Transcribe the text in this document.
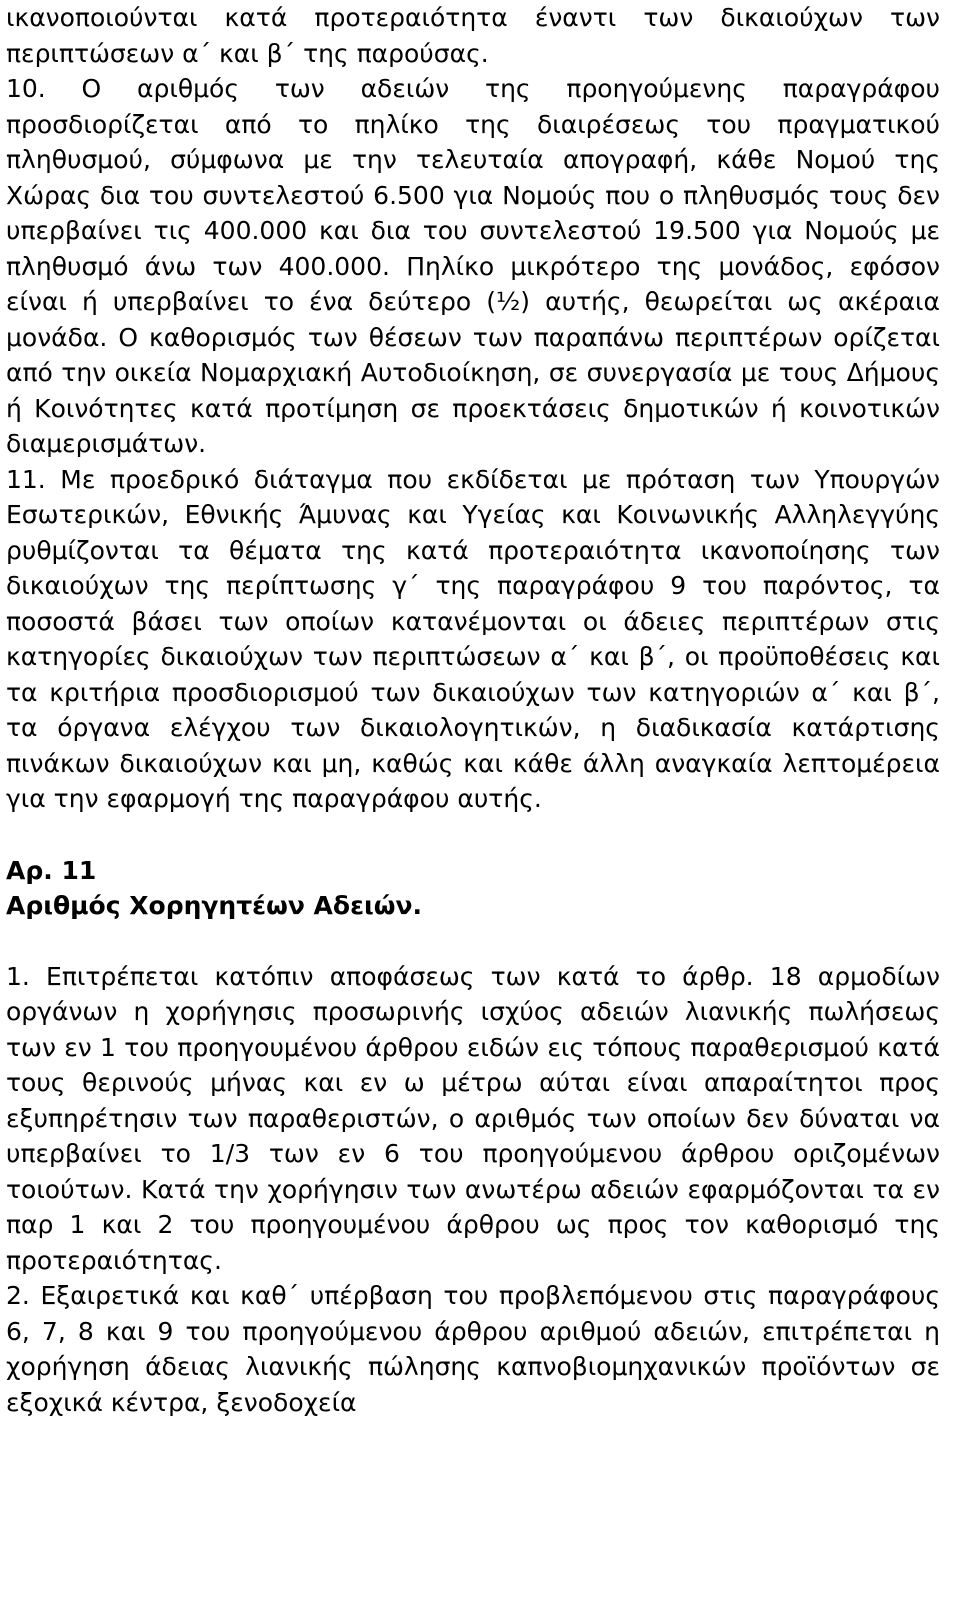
ικανοποιούνται κατά προτεραιότητα έναντι των δικαιούχων των περιπτώσεων α΄ και β΄ της παρούσας.

10. Ο αριθμός των αδειών της προηγούμενης παραγράφου προσδιορίζεται από το πηλίκο της διαιρέσεως του πραγματικού πληθυσμού, σύμφωνα με την τελευταία απογραφή, κάθε Νομού της Χώρας δια του συντελεστού 6.500 για Νομούς που ο πληθυσμός τους δεν υπερβαίνει τις 400.000 και δια του συντελεστού 19.500 για Νομούς με πληθυσμό άνω των 400.000. Πηλίκο μικρότερο της μονάδος, εφόσον είναι ή υπερβαίνει το ένα δεύτερο (½) αυτής, θεωρείται ως ακέραια μονάδα. Ο καθορισμός των θέσεων των παραπάνω περιπτέρων ορίζεται από την οικεία Νομαρχιακή Αυτοδιοίκηση, σε συνεργασία με τους Δήμους ή Κοινότητες κατά προτίμηση σε προεκτάσεις δημοτικών ή κοινοτικών διαμερισμάτων.

11. Με προεδρικό διάταγμα που εκδίδεται με πρόταση των Υπουργών Εσωτερικών, Εθνικής Άμυνας και Υγείας και Κοινωνικής Αλληλεγγύης ρυθμίζονται τα θέματα της κατά προτεραιότητα ικανοποίησης των δικαιούχων της περίπτωσης γ΄ της παραγράφου 9 του παρόντος, τα ποσοστά βάσει των οποίων κατανέμονται οι άδειες περιπτέρων στις κατηγορίες δικαιούχων των περιπτώσεων α΄ και β΄, οι προϋποθέσεις και τα κριτήρια προσδιορισμού των δικαιούχων των κατηγοριών α΄ και β΄, τα όργανα ελέγχου των δικαιολογητικών, η διαδικασία κατάρτισης πινάκων δικαιούχων και μη, καθώς και κάθε άλλη αναγκαία λεπτομέρεια για την εφαρμογή της παραγράφου αυτής.

Αρ. 11

Αριθμός Χορηγητέων Αδειών.

1. Επιτρέπεται κατόπιν αποφάσεως των κατά το άρθρ. 18 αρμοδίων οργάνων η χορήγησις προσωρινής ισχύος αδειών λιανικής πωλήσεως των εν 1 του προηγουμένου άρθρου ειδών εις τόπους παραθερισμού κατά τους θερινούς μήνας και εν ω μέτρω αύται είναι απαραίτητοι προς εξυπηρέτησιν των παραθεριστών, ο αριθμός των οποίων δεν δύναται να υπερβαίνει το 1/3 των εν 6 του προηγούμενου άρθρου οριζομένων τοιούτων. Κατά την χορήγησιν των ανωτέρω αδειών εφαρμόζονται τα εν παρ 1 και 2 του προηγουμένου άρθρου ως προς τον καθορισμό της προτεραιότητας.

2. Εξαιρετικά και καθ΄ υπέρβαση του προβλεπόμενου στις παραγράφους 6, 7, 8 και 9 του προηγούμενου άρθρου αριθμού αδειών, επιτρέπεται η χορήγηση άδειας λιανικής πώλησης καπνοβιομηχανικών προϊόντων σε εξοχικά κέντρα, ξενοδοχεία
